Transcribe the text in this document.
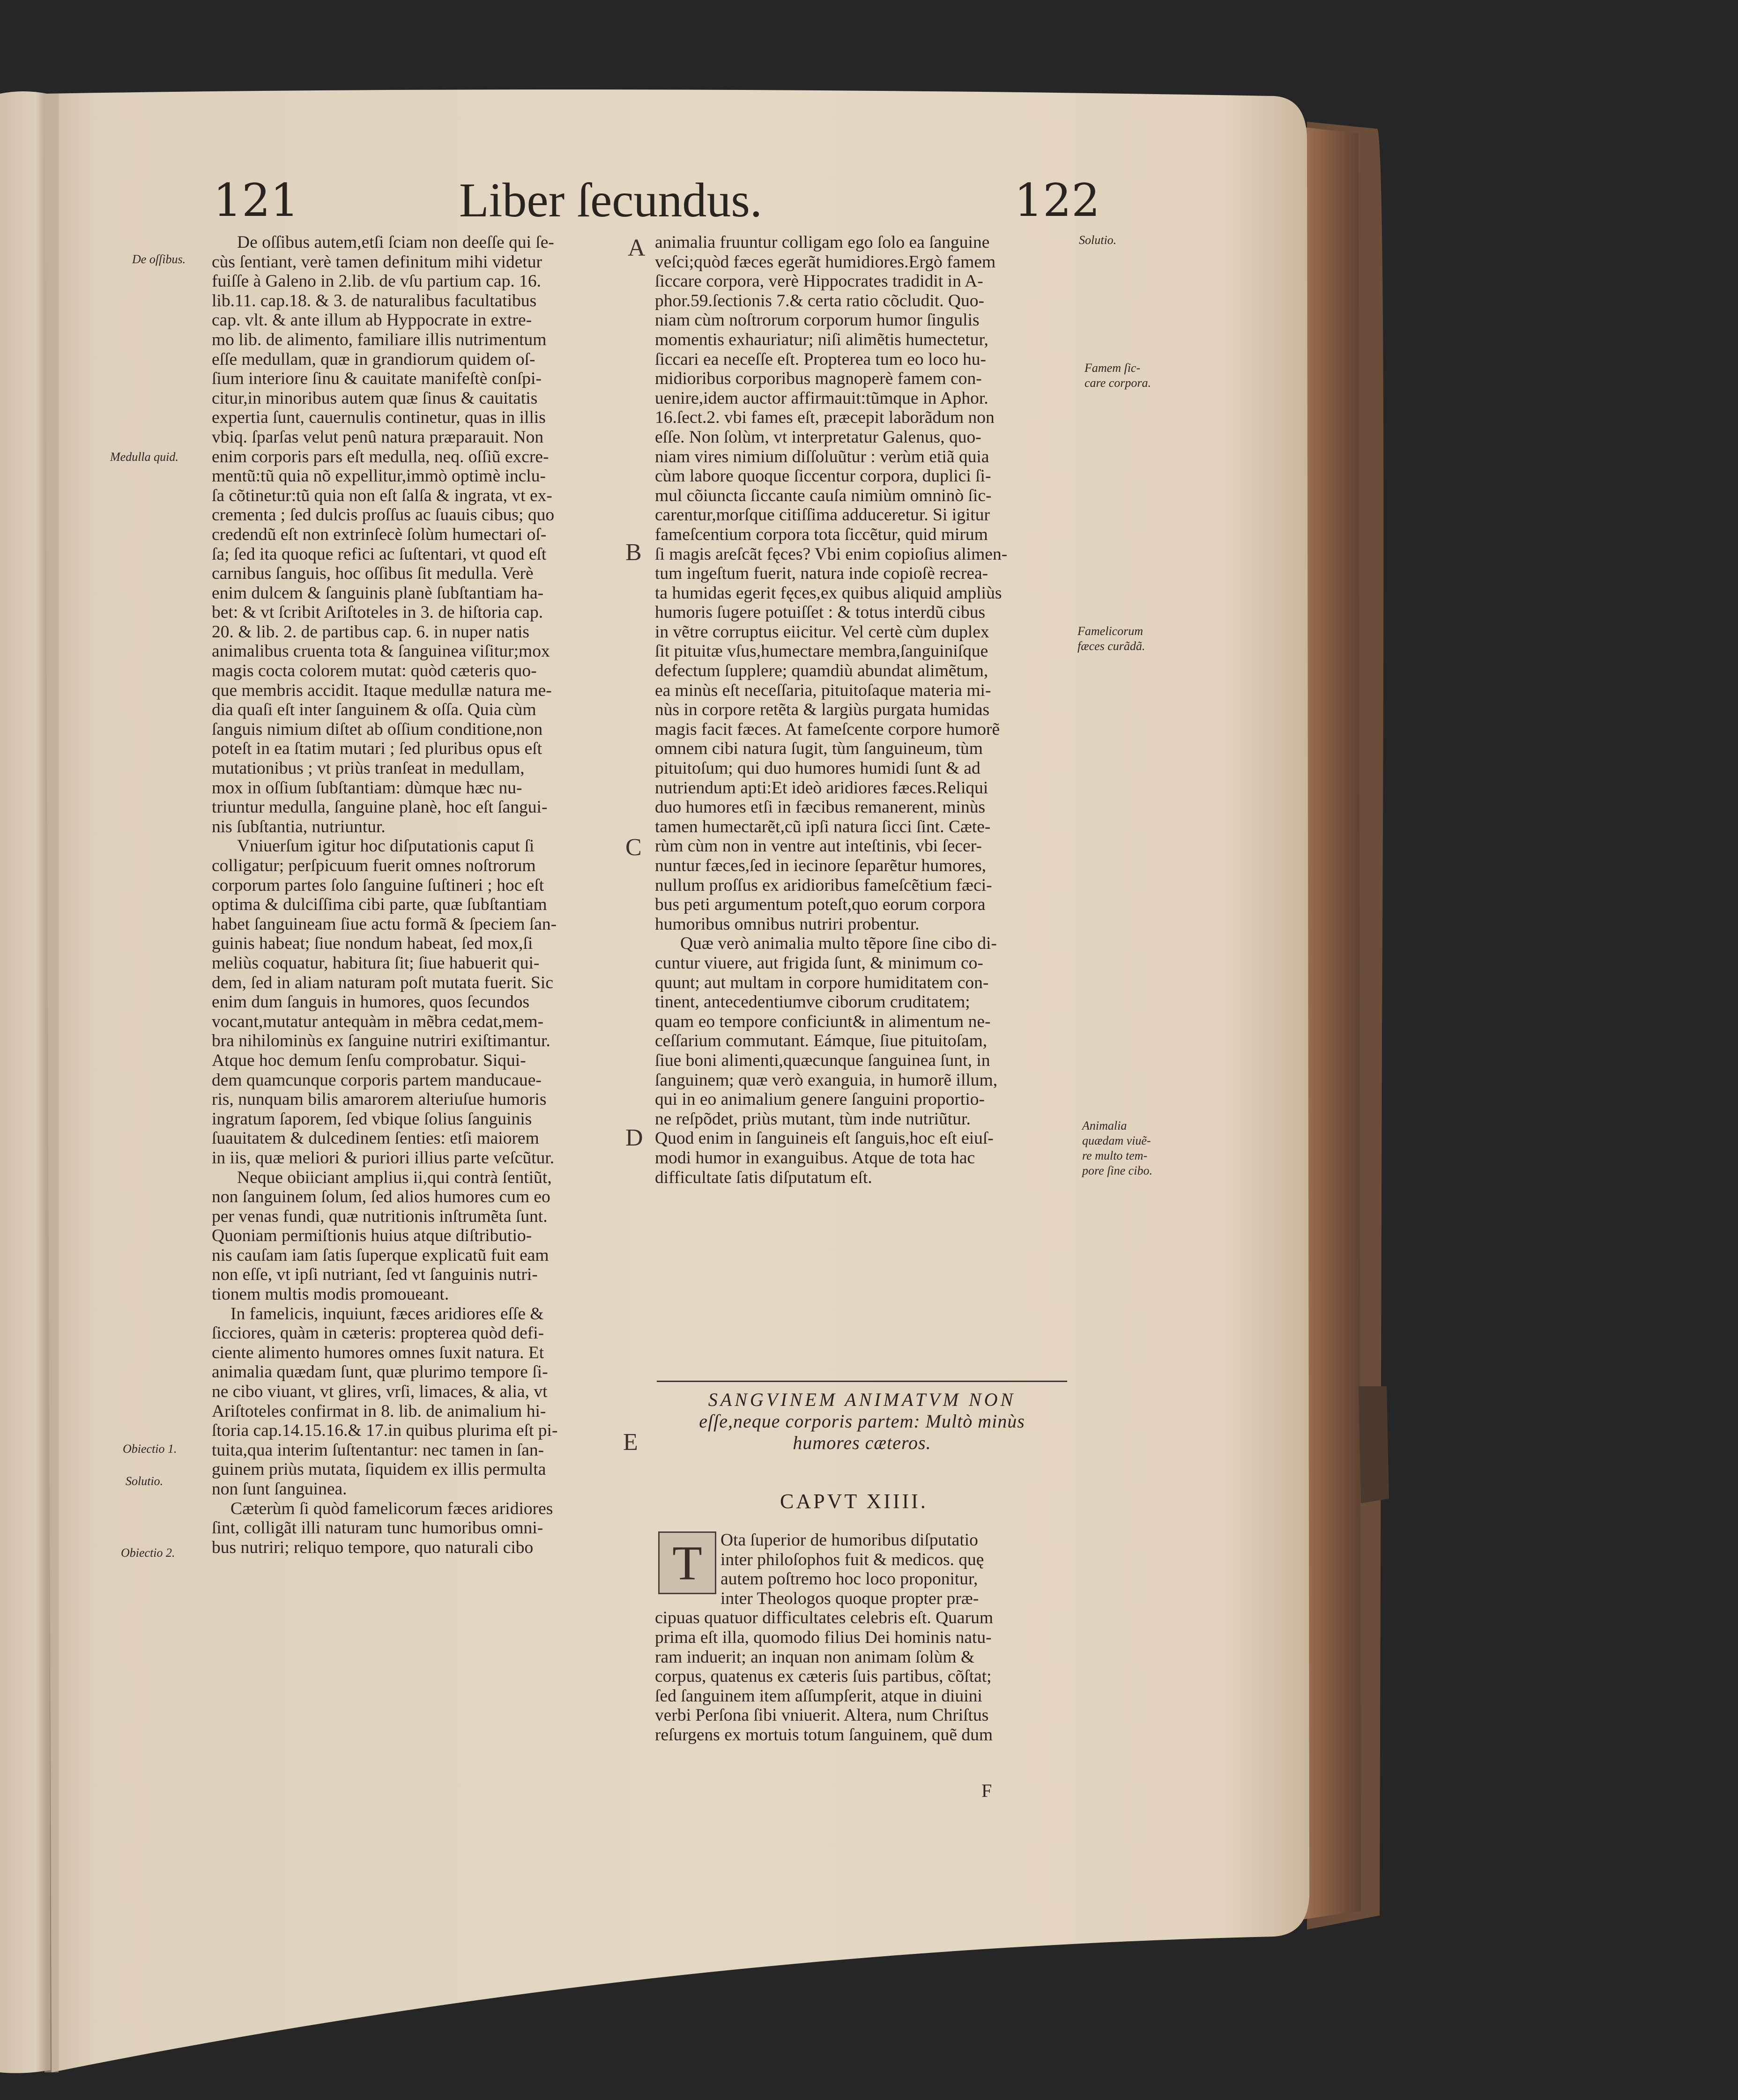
121	Liber ſecundus.	122
De oſſibus.
Medulla quid.
Obiectio 1.
Solutio.
Obiectio 2.
De oſſibus autem,etſi ſciam non deeſſe qui ſe-
cùs ſentiant, verè tamen definitum mihi videtur
fuiſſe à Galeno in 2.lib. de vſu partium cap. 16.
lib.11. cap.18. & 3. de naturalibus facultatibus
cap. vlt. & ante illum ab Hyppocrate in extre-
mo lib. de alimento, familiare illis nutrimentum
eſſe medullam, quæ in grandiorum quidem oſ-
ſium interiore ſinu & cauitate manifeſtè conſpi-
citur,in minoribus autem quæ ſinus & cauitatis
expertia ſunt, cauernulis continetur, quas in illis
vbiq. ſparſas velut penû natura præparauit. Non
enim corporis pars eſt medulla, neq. oſſiũ excre-
mentũ:tũ quia nõ expellitur,immò optimè inclu-
ſa cõtinetur:tũ quia non eſt ſalſa & ingrata, vt ex-
crementa ; ſed dulcis proſſus ac ſuauis cibus; quo
credendũ eſt non extrinſecè ſolùm humectari oſ-
ſa; ſed ita quoque refici ac ſuſtentari, vt quod eſt
carnibus ſanguis, hoc oſſibus ſit medulla. Verè
enim dulcem & ſanguinis planè ſubſtantiam ha-
bet: & vt ſcribit Ariſtoteles in 3. de hiſtoria cap.
20. & lib. 2. de partibus cap. 6. in nuper natis
animalibus cruenta tota & ſanguinea viſitur;mox
magis cocta colorem mutat: quòd cæteris quo-
que membris accidit. Itaque medullæ natura me-
dia quaſi eſt inter ſanguinem & oſſa. Quia cùm
ſanguis nimium diſtet ab oſſium conditione,non
poteſt in ea ſtatim mutari ; ſed pluribus opus eſt
mutationibus ; vt priùs tranſeat in medullam,
mox in oſſium ſubſtantiam: dùmque hæc nu-
triuntur medulla, ſanguine planè, hoc eſt ſangui-
nis ſubſtantia, nutriuntur.
Vniuerſum igitur hoc diſputationis caput ſi
colligatur; perſpicuum fuerit omnes noſtrorum
corporum partes ſolo ſanguine ſuſtineri ; hoc eſt
optima & dulciſſima cibi parte, quæ ſubſtantiam
habet ſanguineam ſiue actu formã & ſpeciem ſan-
guinis habeat; ſiue nondum habeat, ſed mox,ſi
meliùs coquatur, habitura ſit; ſiue habuerit qui-
dem, ſed in aliam naturam poſt mutata fuerit. Sic
enim dum ſanguis in humores, quos ſecundos
vocant,mutatur antequàm in mẽbra cedat,mem-
bra nihilominùs ex ſanguine nutriri exiſtimantur.
Atque hoc demum ſenſu comprobatur. Siqui-
dem quamcunque corporis partem manducaue-
ris, nunquam bilis amarorem alteriuſue humoris
ingratum ſaporem, ſed vbique ſolius ſanguinis
ſuauitatem & dulcedinem ſenties: etſi maiorem
in iis, quæ meliori & puriori illius parte veſcũtur.
Neque obiiciant amplius ii,qui contrà ſentiũt,
non ſanguinem ſolum, ſed alios humores cum eo
per venas fundi, quæ nutritionis inſtrumẽta ſunt.
Quoniam permiſtionis huius atque diſtributio-
nis cauſam iam ſatis ſuperque explicatũ fuit eam
non eſſe, vt ipſi nutriant, ſed vt ſanguinis nutri-
tionem multis modis promoueant.
In famelicis, inquiunt, fæces aridiores eſſe &
ſicciores, quàm in cæteris: propterea quòd defi-
ciente alimento humores omnes ſuxit natura. Et
animalia quædam ſunt, quæ plurimo tempore ſi-
ne cibo viuant, vt glires, vrſi, limaces, & alia, vt
Ariſtoteles confirmat in 8. lib. de animalium hi-
ſtoria cap.14.15.16.& 17.in quibus plurima eſt pi-
tuita,qua interim ſuſtentantur: nec tamen in ſan-
guinem priùs mutata, ſiquidem ex illis permulta
non ſunt ſanguinea.
Cæterùm ſi quòd famelicorum fæces aridiores
ſint, colligãt illi naturam tunc humoribus omni-
bus nutriri; reliquo tempore, quo naturali cibo
A
B
C
D
E
animalia fruuntur colligam ego ſolo ea ſanguine
veſci;quòd fæces egerãt humidiores.Ergò famem
ſiccare corpora, verè Hippocrates tradidit in A-
phor.59.ſectionis 7.& certa ratio cõcludit. Quo-
niam cùm noſtrorum corporum humor ſingulis
momentis exhauriatur; niſi alimẽtis humectetur,
ſiccari ea neceſſe eſt. Propterea tum eo loco hu-
midioribus corporibus magnoperè famem con-
uenire,idem auctor affirmauit:tũmque in Aphor.
16.ſect.2. vbi fames eſt, præcepit laborãdum non
eſſe. Non ſolùm, vt interpretatur Galenus, quo-
niam vires nimium diſſoluũtur : verùm etiã quia
cùm labore quoque ſiccentur corpora, duplici ſi-
mul cõiuncta ſiccante cauſa nimiùm omninò ſic-
carentur,morſque citiſſima adduceretur. Si igitur
fameſcentium corpora tota ſiccẽtur, quid mirum
ſi magis areſcãt fęces? Vbi enim copioſius alimen-
tum ingeſtum fuerit, natura inde copioſè recrea-
ta humidas egerit fęces,ex quibus aliquid ampliùs
humoris ſugere potuiſſet : & totus interdũ cibus
in vẽtre corruptus eiicitur. Vel certè cùm duplex
ſit pituitæ vſus,humectare membra,ſanguiniſque
defectum ſupplere; quamdiù abundat alimẽtum,
ea minùs eſt neceſſaria, pituitoſaque materia mi-
nùs in corpore retẽta & largiùs purgata humidas
magis facit fæces. At fameſcente corpore humorẽ
omnem cibi natura ſugit, tùm ſanguineum, tùm
pituitoſum; qui duo humores humidi ſunt & ad
nutriendum apti:Et ideò aridiores fæces.Reliqui
duo humores etſi in fæcibus remanerent, minùs
tamen humectarẽt,cũ ipſi natura ſicci ſint. Cæte-
rùm cùm non in ventre aut inteſtinis, vbi ſecer-
nuntur fæces,ſed in iecinore ſeparẽtur humores,
nullum proſſus ex aridioribus fameſcẽtium fæci-
bus peti argumentum poteſt,quo eorum corpora
humoribus omnibus nutriri probentur.
Quæ verò animalia multo tẽpore ſine cibo di-
cuntur viuere, aut frigida ſunt, & minimum co-
quunt; aut multam in corpore humiditatem con-
tinent, antecedentiumve ciborum cruditatem;
quam eo tempore conficiunt& in alimentum ne-
ceſſarium commutant. Eámque, ſiue pituitoſam,
ſiue boni alimenti,quæcunque ſanguinea ſunt, in
ſanguinem; quæ verò exanguia, in humorẽ illum,
qui in eo animalium genere ſanguini proportio-
ne reſpõdet, priùs mutant, tùm inde nutriũtur.
Quod enim in ſanguineis eſt ſanguis,hoc eſt eiuſ-
modi humor in exanguibus. Atque de tota hac
difficultate ſatis diſputatum eſt.
SANGVINEM ANIMATVM NON
eſſe,neque corporis partem: Multò minùs
humores cæteros.
CAPVT XIIII.
T	Ota ſuperior de humoribus diſputatio
inter philoſophos fuit & medicos. quę
autem poſtremo hoc loco proponitur,
inter Theologos quoque propter præ-
cipuas quatuor difficultates celebris eſt. Quarum
prima eſt illa, quomodo filius Dei hominis natu-
ram induerit; an inquan non animam ſolùm &
corpus, quatenus ex cæteris ſuis partibus, cõſtat;
ſed ſanguinem item aſſumpſerit, atque in diuini
verbi Perſona ſibi vniuerit. Altera, num Chriſtus
reſurgens ex mortuis totum ſanguinem, quẽ dum
F
Solutio.
Famem ſic-
care corpora.
Famelicorum
fæces curãdã.
Animalia
quædam viuẽ-
re multo tem-
pore ſine cibo.
